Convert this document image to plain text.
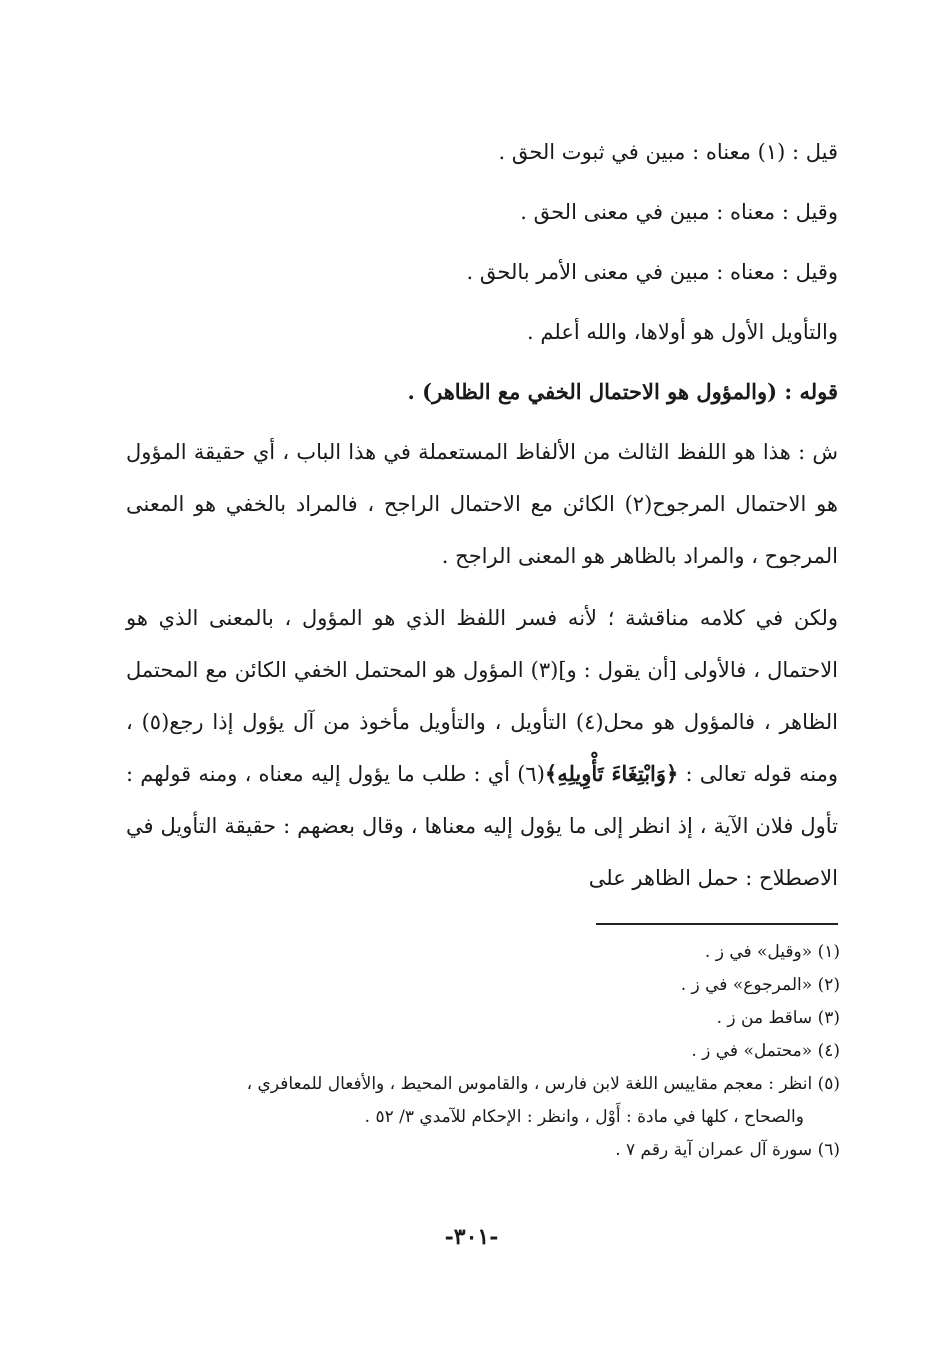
قيل : (١) معناه : مبين في ثبوت الحق .

وقيل : معناه : مبين في معنى الحق .

وقيل : معناه : مبين في معنى الأمر بالحق .

والتأويل الأول هو أولاها، والله أعلم .

قوله : (والمؤول هو الاحتمال الخفي مع الظاهر) .

ش : هذا هو اللفظ الثالث من الألفاظ المستعملة في هذا الباب ، أي حقيقة المؤول هو الاحتمال المرجوح(٢) الكائن مع الاحتمال الراجح ، فالمراد بالخفي هو المعنى المرجوح ، والمراد بالظاهر هو المعنى الراجح .

ولكن في كلامه مناقشة ؛ لأنه فسر اللفظ الذي هو المؤول ، بالمعنى الذي هو الاحتمال ، فالأولى [أن يقول : و](٣) المؤول هو المحتمل الخفي الكائن مع المحتمل الظاهر ، فالمؤول هو محل(٤) التأويل ، والتأويل مأخوذ من آل يؤول إذا رجع(٥) ، ومنه قوله تعالى : ﴿وَابْتِغَاءَ تَأْوِيلِهِ﴾(٦) أي : طلب ما يؤول إليه معناه ، ومنه قولهم : تأول فلان الآية ، إذ انظر إلى ما يؤول إليه معناها ، وقال بعضهم : حقيقة التأويل في الاصطلاح : حمل الظاهر على

(١) «وقيل» في ز .

(٢) «المرجوع» في ز .

(٣) ساقط من ز .

(٤) «محتمل» في ز .

(٥) انظر : معجم مقاييس اللغة لابن فارس ، والقاموس المحيط ، والأفعال للمعافري ،
والصحاح ، كلها في مادة : أَوْل ، وانظر : الإحكام للآمدي ٣/ ٥٢ .

(٦) سورة آل عمران آية رقم ٧ .

-٣٠١-
